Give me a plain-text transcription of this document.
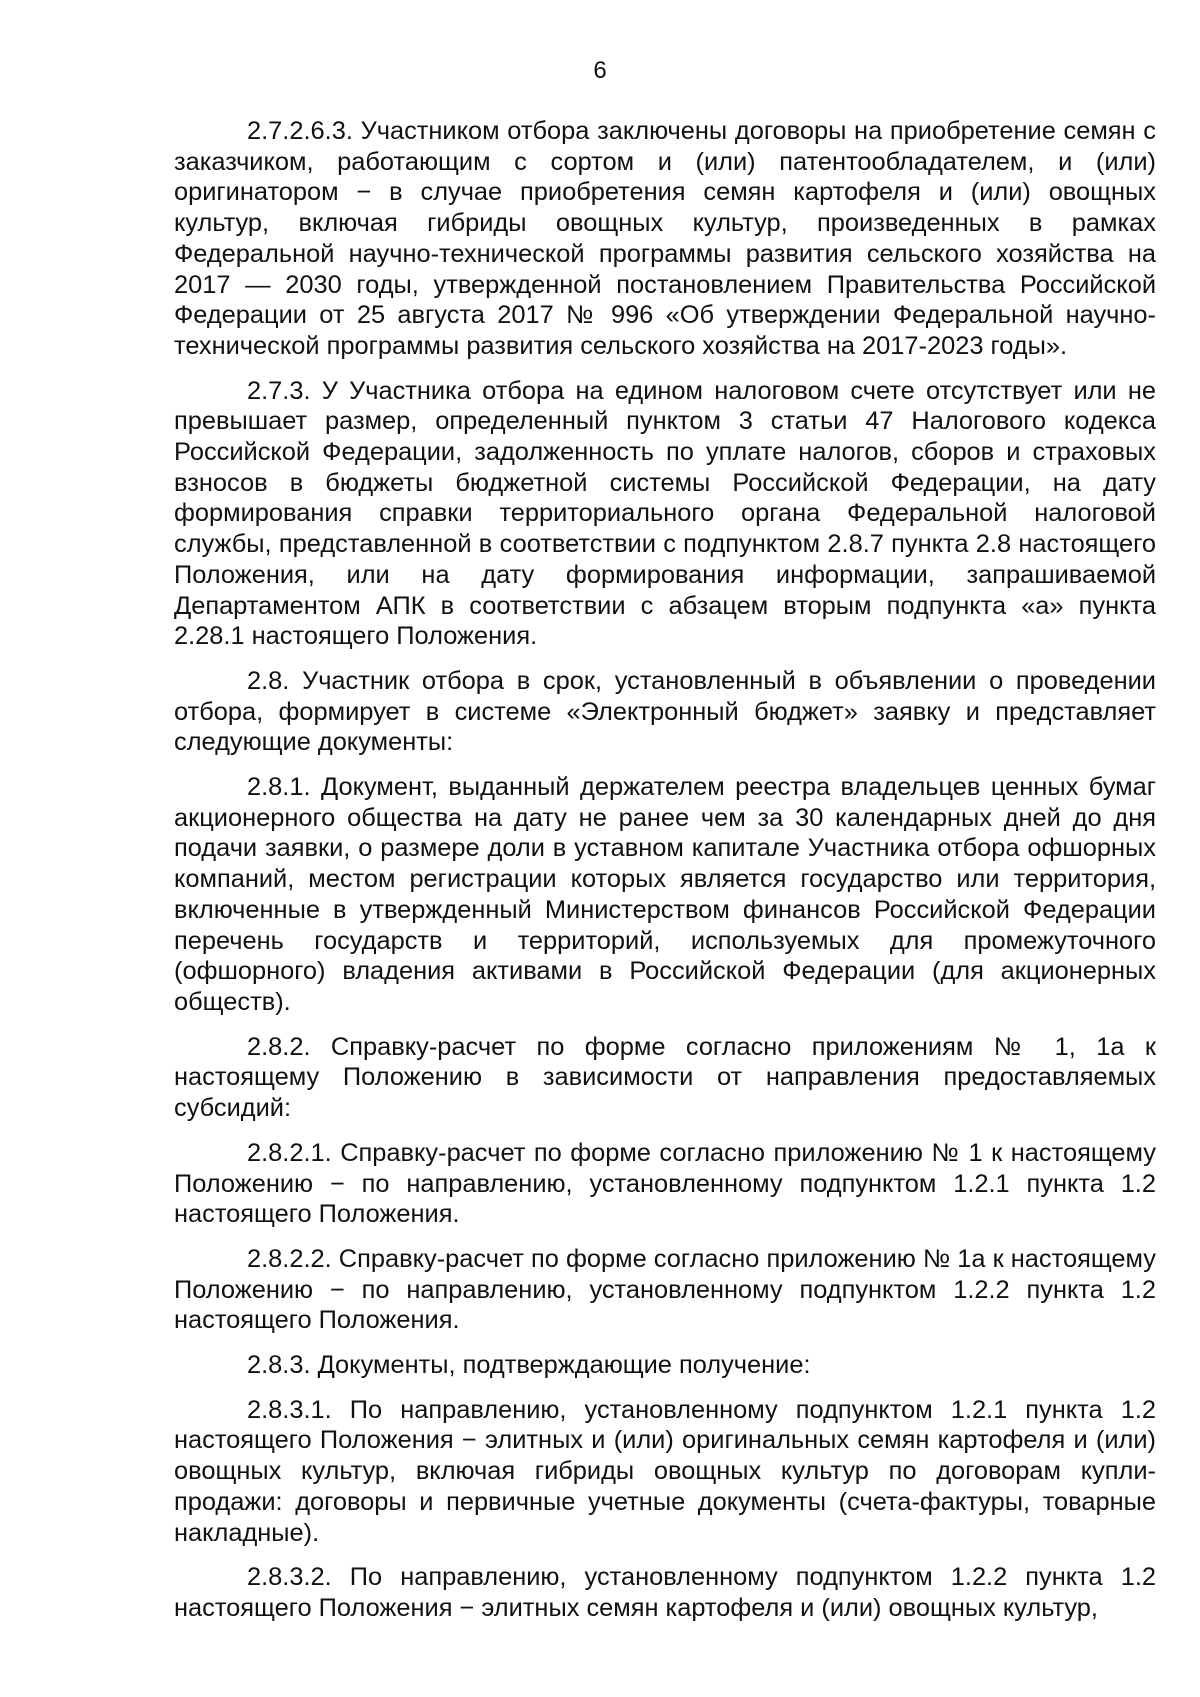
6

2.7.2.6.3. Участником отбора заключены договоры на приобретение семян с заказчиком, работающим с сортом и (или) патентообладателем, и (или) оригинатором − в случае приобретения семян картофеля и (или) овощных культур, включая гибриды овощных культур, произведенных в рамках Федеральной научно-технической программы развития сельского хозяйства на 2017 — 2030 годы, утвержденной постановлением Правительства Российской Федерации от 25 августа 2017 № 996 «Об утверждении Федеральной научно-технической программы развития сельского хозяйства на 2017-2023 годы».

2.7.3. У Участника отбора на едином налоговом счете отсутствует или не превышает размер, определенный пунктом 3 статьи 47 Налогового кодекса Российской Федерации, задолженность по уплате налогов, сборов и страховых взносов в бюджеты бюджетной системы Российской Федерации, на дату формирования справки территориального органа Федеральной налоговой службы, представленной в соответствии с подпунктом 2.8.7 пункта 2.8 настоящего Положения, или на дату формирования информации, запрашиваемой Департаментом АПК в соответствии с абзацем вторым подпункта «а» пункта 2.28.1 настоящего Положения.

2.8. Участник отбора в срок, установленный в объявлении о проведении отбора, формирует в системе «Электронный бюджет» заявку и представляет следующие документы:

2.8.1. Документ, выданный держателем реестра владельцев ценных бумаг акционерного общества на дату не ранее чем за 30 календарных дней до дня подачи заявки, о размере доли в уставном капитале Участника отбора офшорных компаний, местом регистрации которых является государство или территория, включенные в утвержденный Министерством финансов Российской Федерации перечень государств и территорий, используемых для промежуточного (офшорного) владения активами в Российской Федерации (для акционерных обществ).

2.8.2. Справку-расчет по форме согласно приложениям № 1, 1а к настоящему Положению в зависимости от направления предоставляемых субсидий:

2.8.2.1. Справку-расчет по форме согласно приложению № 1 к настоящему Положению − по направлению, установленному подпунктом 1.2.1 пункта 1.2 настоящего Положения.

2.8.2.2. Справку-расчет по форме согласно приложению № 1а к настоящему Положению − по направлению, установленному подпунктом 1.2.2 пункта 1.2 настоящего Положения.

2.8.3. Документы, подтверждающие получение:

2.8.3.1. По направлению, установленному подпунктом 1.2.1 пункта 1.2 настоящего Положения − элитных и (или) оригинальных семян картофеля и (или) овощных культур, включая гибриды овощных культур по договорам купли-продажи: договоры и первичные учетные документы (счета-фактуры, товарные накладные).

2.8.3.2. По направлению, установленному подпунктом 1.2.2 пункта 1.2 настоящего Положения − элитных семян картофеля и (или) овощных культур,
